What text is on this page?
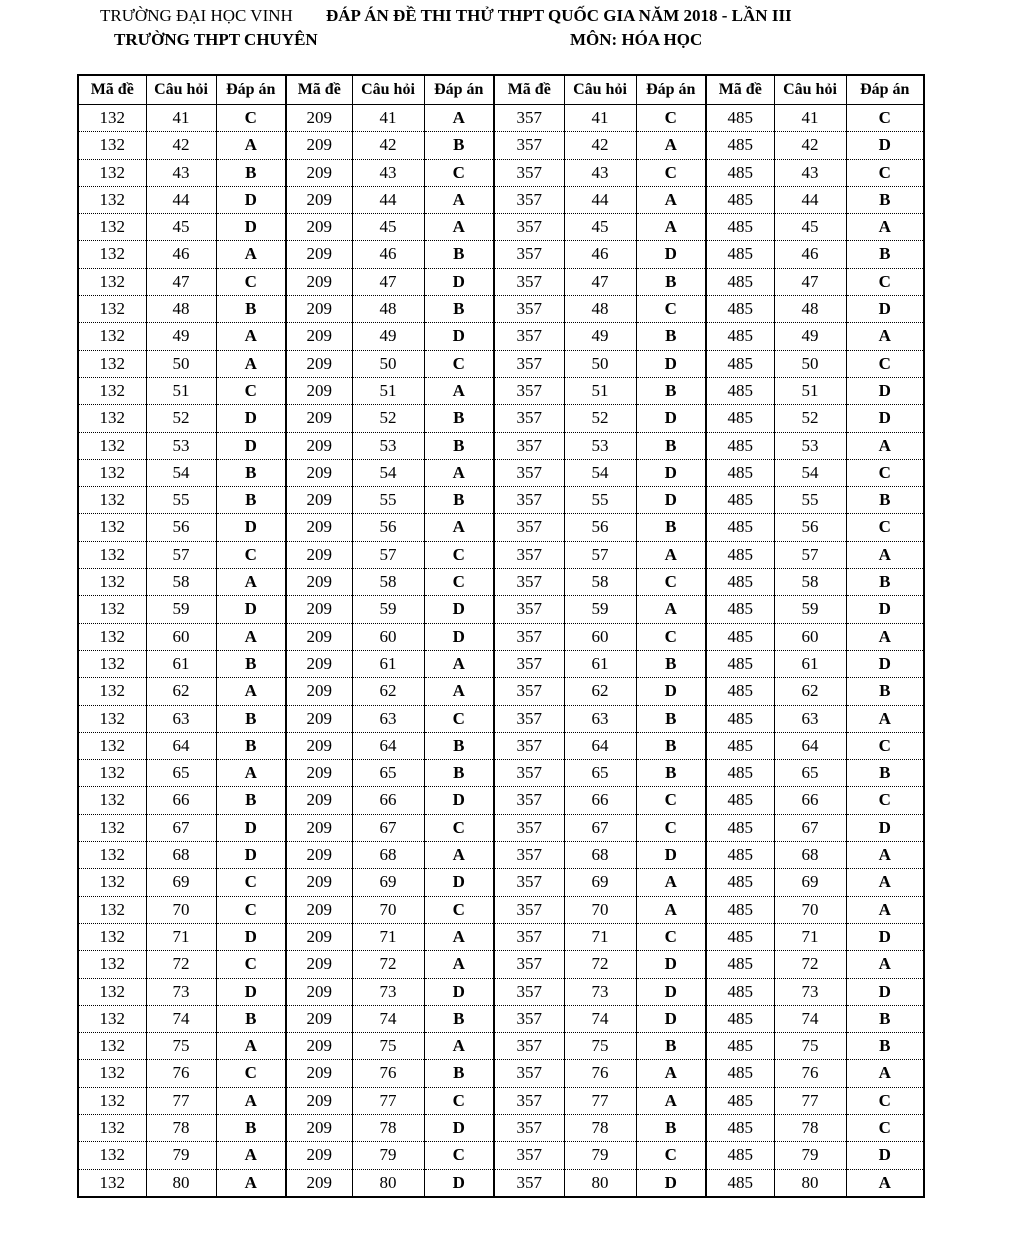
TRƯỜNG ĐẠI HỌC VINH ĐÁP ÁN ĐỀ THI THỬ THPT QUỐC GIA NĂM 2018 - LẦN III
TRƯỜNG THPT CHUYÊN	MÔN: HÓA HỌC
Mã đề	Câu hỏi	Đáp án	Mã đề	Câu hỏi	Đáp án	Mã đề	Câu hỏi	Đáp án	Mã đề	Câu hỏi	Đáp án
132	41	C	209	41	A	357	41	C	485	41	C
132	42	A	209	42	B	357	42	A	485	42	D
132	43	B	209	43	C	357	43	C	485	43	C
132	44	D	209	44	A	357	44	A	485	44	B
132	45	D	209	45	A	357	45	A	485	45	A
132	46	A	209	46	B	357	46	D	485	46	B
132	47	C	209	47	D	357	47	B	485	47	C
132	48	B	209	48	B	357	48	C	485	48	D
132	49	A	209	49	D	357	49	B	485	49	A
132	50	A	209	50	C	357	50	D	485	50	C
132	51	C	209	51	A	357	51	B	485	51	D
132	52	D	209	52	B	357	52	D	485	52	D
132	53	D	209	53	B	357	53	B	485	53	A
132	54	B	209	54	A	357	54	D	485	54	C
132	55	B	209	55	B	357	55	D	485	55	B
132	56	D	209	56	A	357	56	B	485	56	C
132	57	C	209	57	C	357	57	A	485	57	A
132	58	A	209	58	C	357	58	C	485	58	B
132	59	D	209	59	D	357	59	A	485	59	D
132	60	A	209	60	D	357	60	C	485	60	A
132	61	B	209	61	A	357	61	B	485	61	D
132	62	A	209	62	A	357	62	D	485	62	B
132	63	B	209	63	C	357	63	B	485	63	A
132	64	B	209	64	B	357	64	B	485	64	C
132	65	A	209	65	B	357	65	B	485	65	B
132	66	B	209	66	D	357	66	C	485	66	C
132	67	D	209	67	C	357	67	C	485	67	D
132	68	D	209	68	A	357	68	D	485	68	A
132	69	C	209	69	D	357	69	A	485	69	A
132	70	C	209	70	C	357	70	A	485	70	A
132	71	D	209	71	A	357	71	C	485	71	D
132	72	C	209	72	A	357	72	D	485	72	A
132	73	D	209	73	D	357	73	D	485	73	D
132	74	B	209	74	B	357	74	D	485	74	B
132	75	A	209	75	A	357	75	B	485	75	B
132	76	C	209	76	B	357	76	A	485	76	A
132	77	A	209	77	C	357	77	A	485	77	C
132	78	B	209	78	D	357	78	B	485	78	C
132	79	A	209	79	C	357	79	C	485	79	D
132	80	A	209	80	D	357	80	D	485	80	A
